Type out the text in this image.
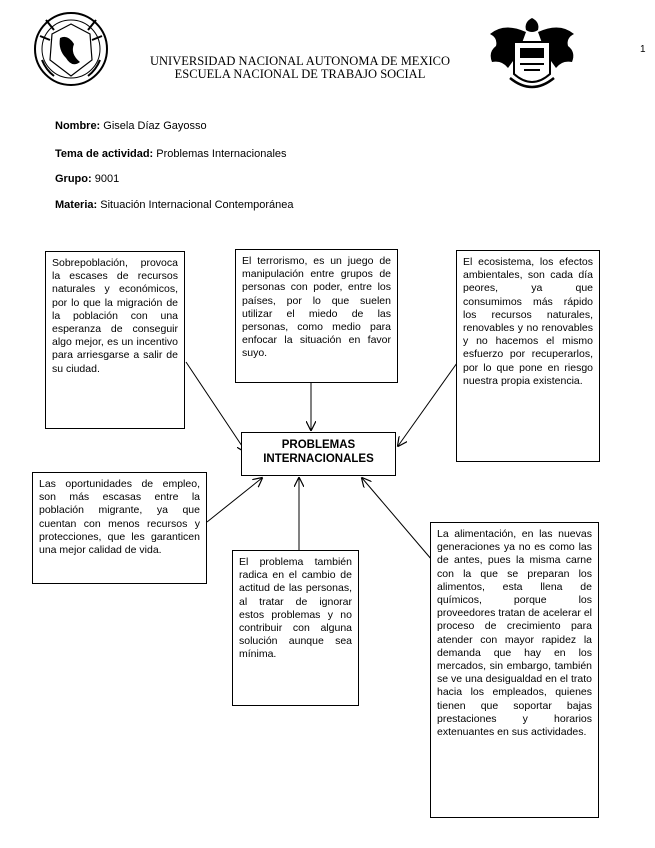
1
UNIVERSIDAD NACIONAL AUTONOMA DE MEXICO
ESCUELA NACIONAL DE TRABAJO SOCIAL
Nombre: Gisela Díaz Gayosso
Tema de actividad: Problemas Internacionales
Grupo: 9001
Materia: Situación Internacional Contemporánea
Sobrepoblación, provoca la escases de recursos naturales y económicos, por lo que la migración de la población con una esperanza de conseguir algo mejor, es un incentivo para arriesgarse a salir de su ciudad.
El terrorismo, es un juego de manipulación entre grupos de personas con poder, entre los países, por lo que suelen utilizar el miedo de las personas, como medio para enfocar la situación en favor suyo.
El ecosistema, los efectos ambientales, son cada día peores, ya que consumimos más rápido los recursos naturales, renovables y no renovables y no hacemos el mismo esfuerzo por recuperarlos, por lo que pone en riesgo nuestra propia existencia.
PROBLEMAS
INTERNACIONALES
Las oportunidades de empleo, son más escasas entre la población migrante, ya que cuentan con menos recursos y protecciones, que les garanticen una mejor calidad de vida.
El problema también radica en el cambio de actitud de las personas, al tratar de ignorar estos problemas y no contribuir con alguna solución aunque sea mínima.
La alimentación, en las nuevas generaciones ya no es como las de antes, pues la misma carne con la que se preparan los alimentos, esta llena de químicos, porque los proveedores tratan de acelerar el proceso de crecimiento para atender con mayor rapidez la demanda que hay en los mercados, sin embargo, también se ve una desigualdad en el trato hacia los empleados, quienes tienen que soportar bajas prestaciones y horarios extenuantes en sus actividades.
